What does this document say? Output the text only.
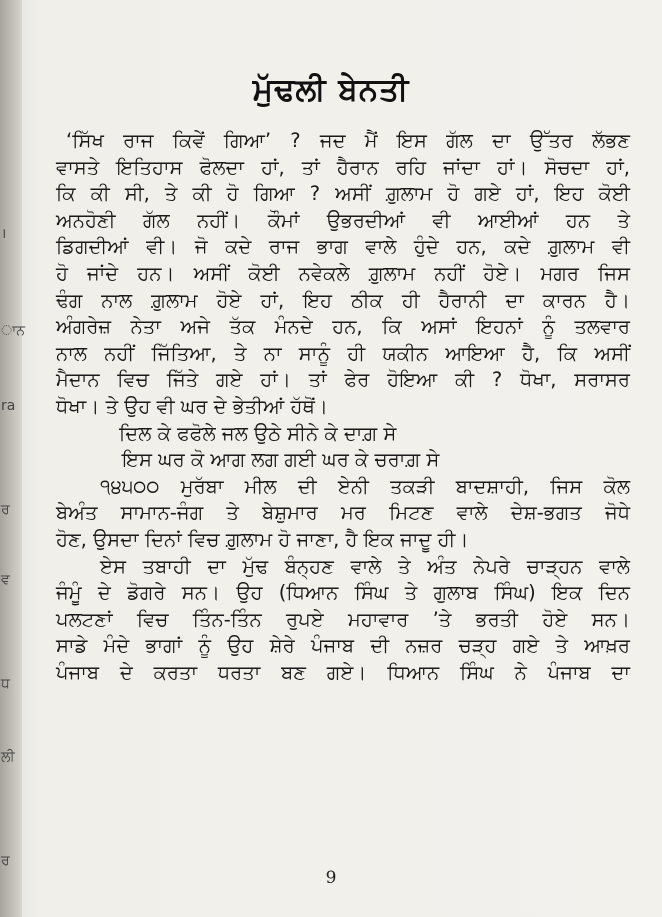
।
ਾਨ
ra
ਰ
ਵ
ਧ
ਲੀ
ਰ
ਮੁੱਢਲੀ ਬੇਨਤੀ
‘ਸਿੱਖ ਰਾਜ ਕਿਵੇਂ ਗਿਆ’ ? ਜਦ ਮੈਂ ਇਸ ਗੱਲ ਦਾ ਉੱਤਰ ਲੱਭਣ
ਵਾਸਤੇ ਇਤਿਹਾਸ ਫੋਲਦਾ ਹਾਂ, ਤਾਂ ਹੈਰਾਨ ਰਹਿ ਜਾਂਦਾ ਹਾਂ। ਸੋਚਦਾ ਹਾਂ,
ਕਿ ਕੀ ਸੀ, ਤੇ ਕੀ ਹੋ ਗਿਆ ? ਅਸੀਂ ਗ਼ੁਲਾਮ ਹੋ ਗਏ ਹਾਂ, ਇਹ ਕੋਈ
ਅਨਹੋਣੀ ਗੱਲ ਨਹੀਂ। ਕੌਮਾਂ ਉਭਰਦੀਆਂ ਵੀ ਆਈਆਂ ਹਨ ਤੇ
ਡਿਗਦੀਆਂ ਵੀ। ਜੋ ਕਦੇ ਰਾਜ ਭਾਗ ਵਾਲੇ ਹੁੰਦੇ ਹਨ, ਕਦੇ ਗ਼ੁਲਾਮ ਵੀ
ਹੋ ਜਾਂਦੇ ਹਨ। ਅਸੀਂ ਕੋਈ ਨਵੇਕਲੇ ਗ਼ੁਲਾਮ ਨਹੀਂ ਹੋਏ। ਮਗਰ ਜਿਸ
ਢੰਗ ਨਾਲ ਗ਼ੁਲਾਮ ਹੋਏ ਹਾਂ, ਇਹ ਠੀਕ ਹੀ ਹੈਰਾਨੀ ਦਾ ਕਾਰਨ ਹੈ।
ਅੰਗਰੇਜ਼ ਨੇਤਾ ਅਜੇ ਤੱਕ ਮੰਨਦੇ ਹਨ, ਕਿ ਅਸਾਂ ਇਹਨਾਂ ਨੂੰ ਤਲਵਾਰ
ਨਾਲ ਨਹੀਂ ਜਿੱਤਿਆ, ਤੇ ਨਾ ਸਾਨੂੰ ਹੀ ਯਕੀਨ ਆਇਆ ਹੈ, ਕਿ ਅਸੀਂ
ਮੈਦਾਨ ਵਿਚ ਜਿੱਤੇ ਗਏ ਹਾਂ। ਤਾਂ ਫੇਰ ਹੋਇਆ ਕੀ ? ਧੋਖਾ, ਸਰਾਸਰ
ਧੋਖਾ। ਤੇ ਉਹ ਵੀ ਘਰ ਦੇ ਭੇਤੀਆਂ ਹੱਥੋਂ।
ਦਿਲ ਕੇ ਫਫੋਲੇ ਜਲ ਉਠੇ ਸੀਨੇ ਕੇ ਦਾਗ਼ ਸੇ
ਇਸ ਘਰ ਕੋ ਆਗ ਲਗ ਗਈ ਘਰ ਕੇ ਚਰਾਗ਼ ਸੇ
੧੪੫੦੦ ਮੁਰੱਬਾ ਮੀਲ ਦੀ ਏਨੀ ਤਕੜੀ ਬਾਦਸ਼ਾਹੀ, ਜਿਸ ਕੋਲ
ਬੇਅੰਤ ਸਾਮਾਨ-ਜੰਗ ਤੇ ਬੇਸ਼ੁਮਾਰ ਮਰ ਮਿਟਣ ਵਾਲੇ ਦੇਸ਼-ਭਗਤ ਜੋਧੇ
ਹੋਣ, ਉਸਦਾ ਦਿਨਾਂ ਵਿਚ ਗ਼ੁਲਾਮ ਹੋ ਜਾਣਾ, ਹੈ ਇਕ ਜਾਦੂ ਹੀ।
ਏਸ ਤਬਾਹੀ ਦਾ ਮੁੱਢ ਬੰਨ੍ਹਣ ਵਾਲੇ ਤੇ ਅੰਤ ਨੇਪਰੇ ਚਾੜ੍ਹਨ ਵਾਲੇ
ਜੰਮੂੰ ਦੇ ਡੋਗਰੇ ਸਨ। ਉਹ (ਧਿਆਨ ਸਿੰਘ ਤੇ ਗੁਲਾਬ ਸਿੰਘ) ਇਕ ਦਿਨ
ਪਲਟਣਾਂ ਵਿਚ ਤਿੰਨ-ਤਿੰਨ ਰੁਪਏ ਮਹਾਵਾਰ ’ਤੇ ਭਰਤੀ ਹੋਏ ਸਨ।
ਸਾਡੇ ਮੰਦੇ ਭਾਗਾਂ ਨੂੰ ਉਹ ਸ਼ੇਰੇ ਪੰਜਾਬ ਦੀ ਨਜ਼ਰ ਚੜ੍ਹ ਗਏ ਤੇ ਆਖ਼ਰ
ਪੰਜਾਬ ਦੇ ਕਰਤਾ ਧਰਤਾ ਬਣ ਗਏ। ਧਿਆਨ ਸਿੰਘ ਨੇ ਪੰਜਾਬ ਦਾ
9
